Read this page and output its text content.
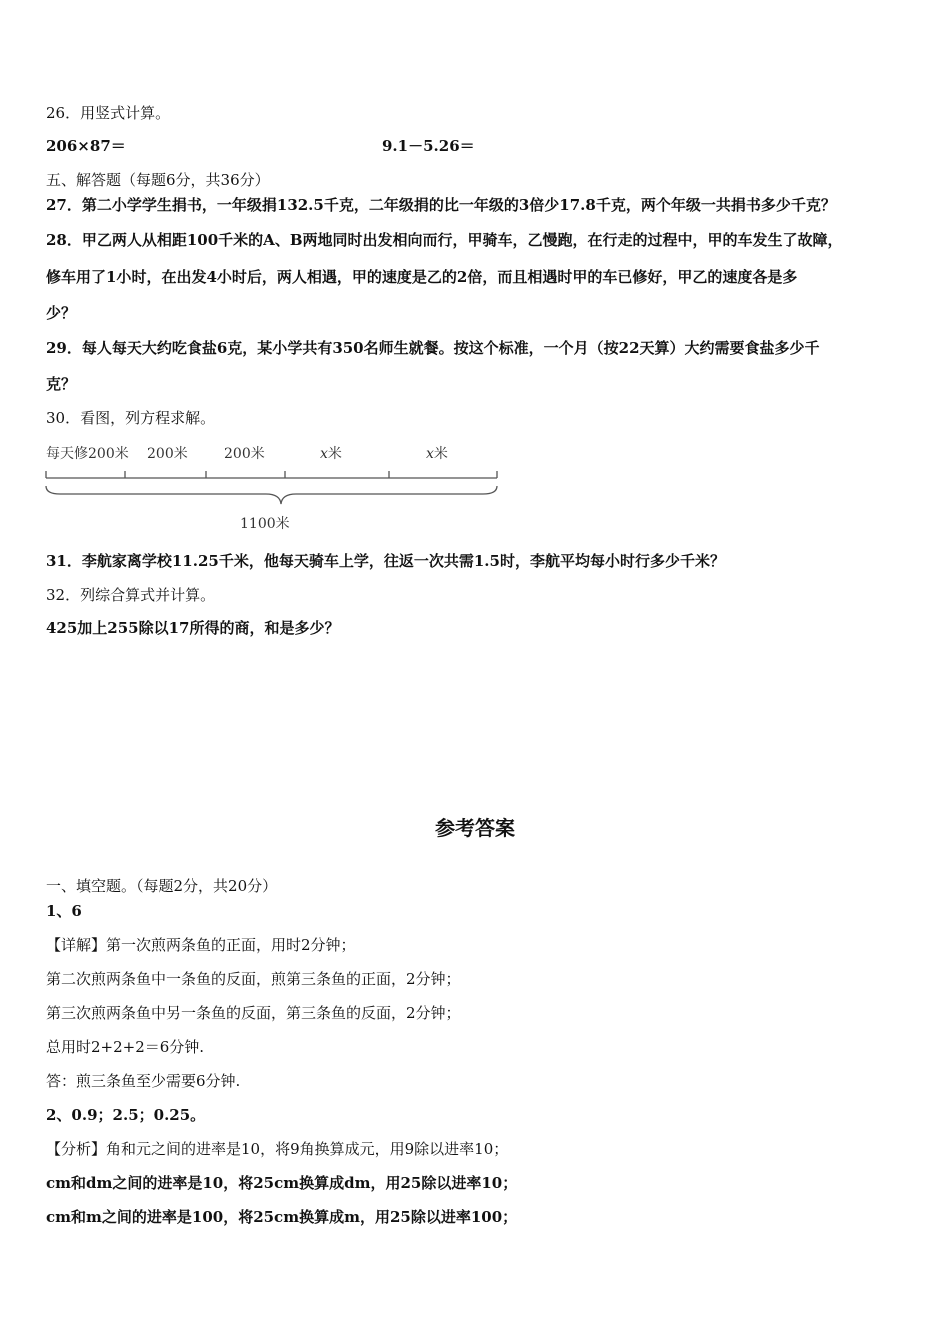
26．用竖式计算。
206×87＝	9.1－5.26＝
五、解答题（每题6分，共36分）
27．第二小学学生捐书，一年级捐132.5千克，二年级捐的比一年级的3倍少17.8千克，两个年级一共捐书多少千克？
28．甲乙两人从相距100千米的A、B两地同时出发相向而行，甲骑车，乙慢跑，在行走的过程中，甲的车发生了故障，
修车用了1小时，在出发4小时后，两人相遇，甲的速度是乙的2倍，而且相遇时甲的车已修好，甲乙的速度各是多
少？
29．每人每天大约吃食盐6克，某小学共有350名师生就餐。按这个标准，一个月（按22天算）大约需要食盐多少千
克？
30．看图，列方程求解。
每天修200米 200米	200米	x米	x米
1100米
31．李航家离学校11.25千米，他每天骑车上学，往返一次共需1.5时，李航平均每小时行多少千米？
32．列综合算式并计算。
425加上255除以17所得的商，和是多少？
参考答案
一、填空题。（每题2分，共20分）
1、6
【详解】第一次煎两条鱼的正面，用时2分钟；
第二次煎两条鱼中一条鱼的反面，煎第三条鱼的正面，2分钟；
第三次煎两条鱼中另一条鱼的反面，第三条鱼的反面，2分钟；
总用时2+2+2＝6分钟.
答：煎三条鱼至少需要6分钟.
2、0.9；2.5；0.25。
【分析】角和元之间的进率是10，将9角换算成元，用9除以进率10；
cm和dm之间的进率是10，将25cm换算成dm，用25除以进率10；
cm和m之间的进率是100，将25cm换算成m，用25除以进率100；
